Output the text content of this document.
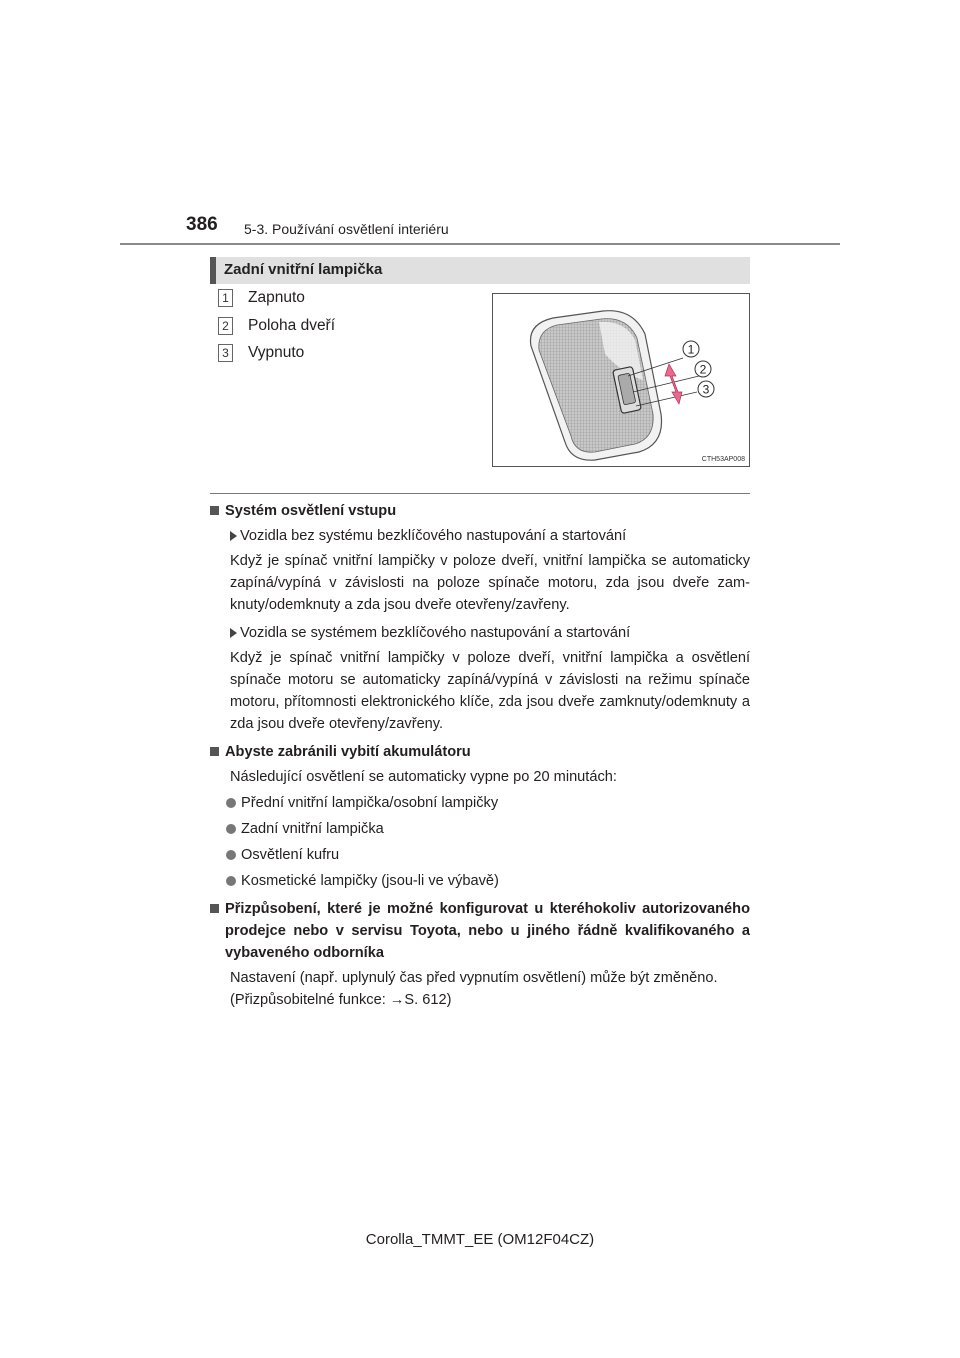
386 5-3. Používání osvětlení interiéru
Zadní vnitřní lampička
1 Zapnuto
2 Poloha dveří
3 Vypnuto	1
2
3
CTH53AP008

Systém osvětlení vstupu

Vozidla bez systému bezklíčového nastupování a startování

Když je spínač vnitřní lampičky v poloze dveří, vnitřní lampička se automaticky zapíná/vypíná v závislosti na poloze spínače motoru, zda jsou dveře zamknuty/odemknuty a zda jsou dveře otevřeny/zavřeny.

Vozidla se systémem bezklíčového nastupování a startování

Když je spínač vnitřní lampičky v poloze dveří, vnitřní lampička a osvětlení spínače motoru se automaticky zapíná/vypíná v závislosti na režimu spínače motoru, přítomnosti elektronického klíče, zda jsou dveře zamknuty/odemknuty a zda jsou dveře otevřeny/zavřeny.

Abyste zabránili vybití akumulátoru

Následující osvětlení se automaticky vypne po 20 minutách:

Přední vnitřní lampička/osobní lampičky

Zadní vnitřní lampička

Osvětlení kufru

Kosmetické lampičky (jsou-li ve výbavě)

Přizpůsobení, které je možné konfigurovat u kteréhokoliv autorizovaného prodejce nebo v servisu Toyota, nebo u jiného řádně kvalifikovaného a vybaveného odborníka

Nastavení (např. uplynulý čas před vypnutím osvětlení) může být změněno.

(Přizpůsobitelné funkce: →S. 612)

Corolla_TMMT_EE (OM12F04CZ)
